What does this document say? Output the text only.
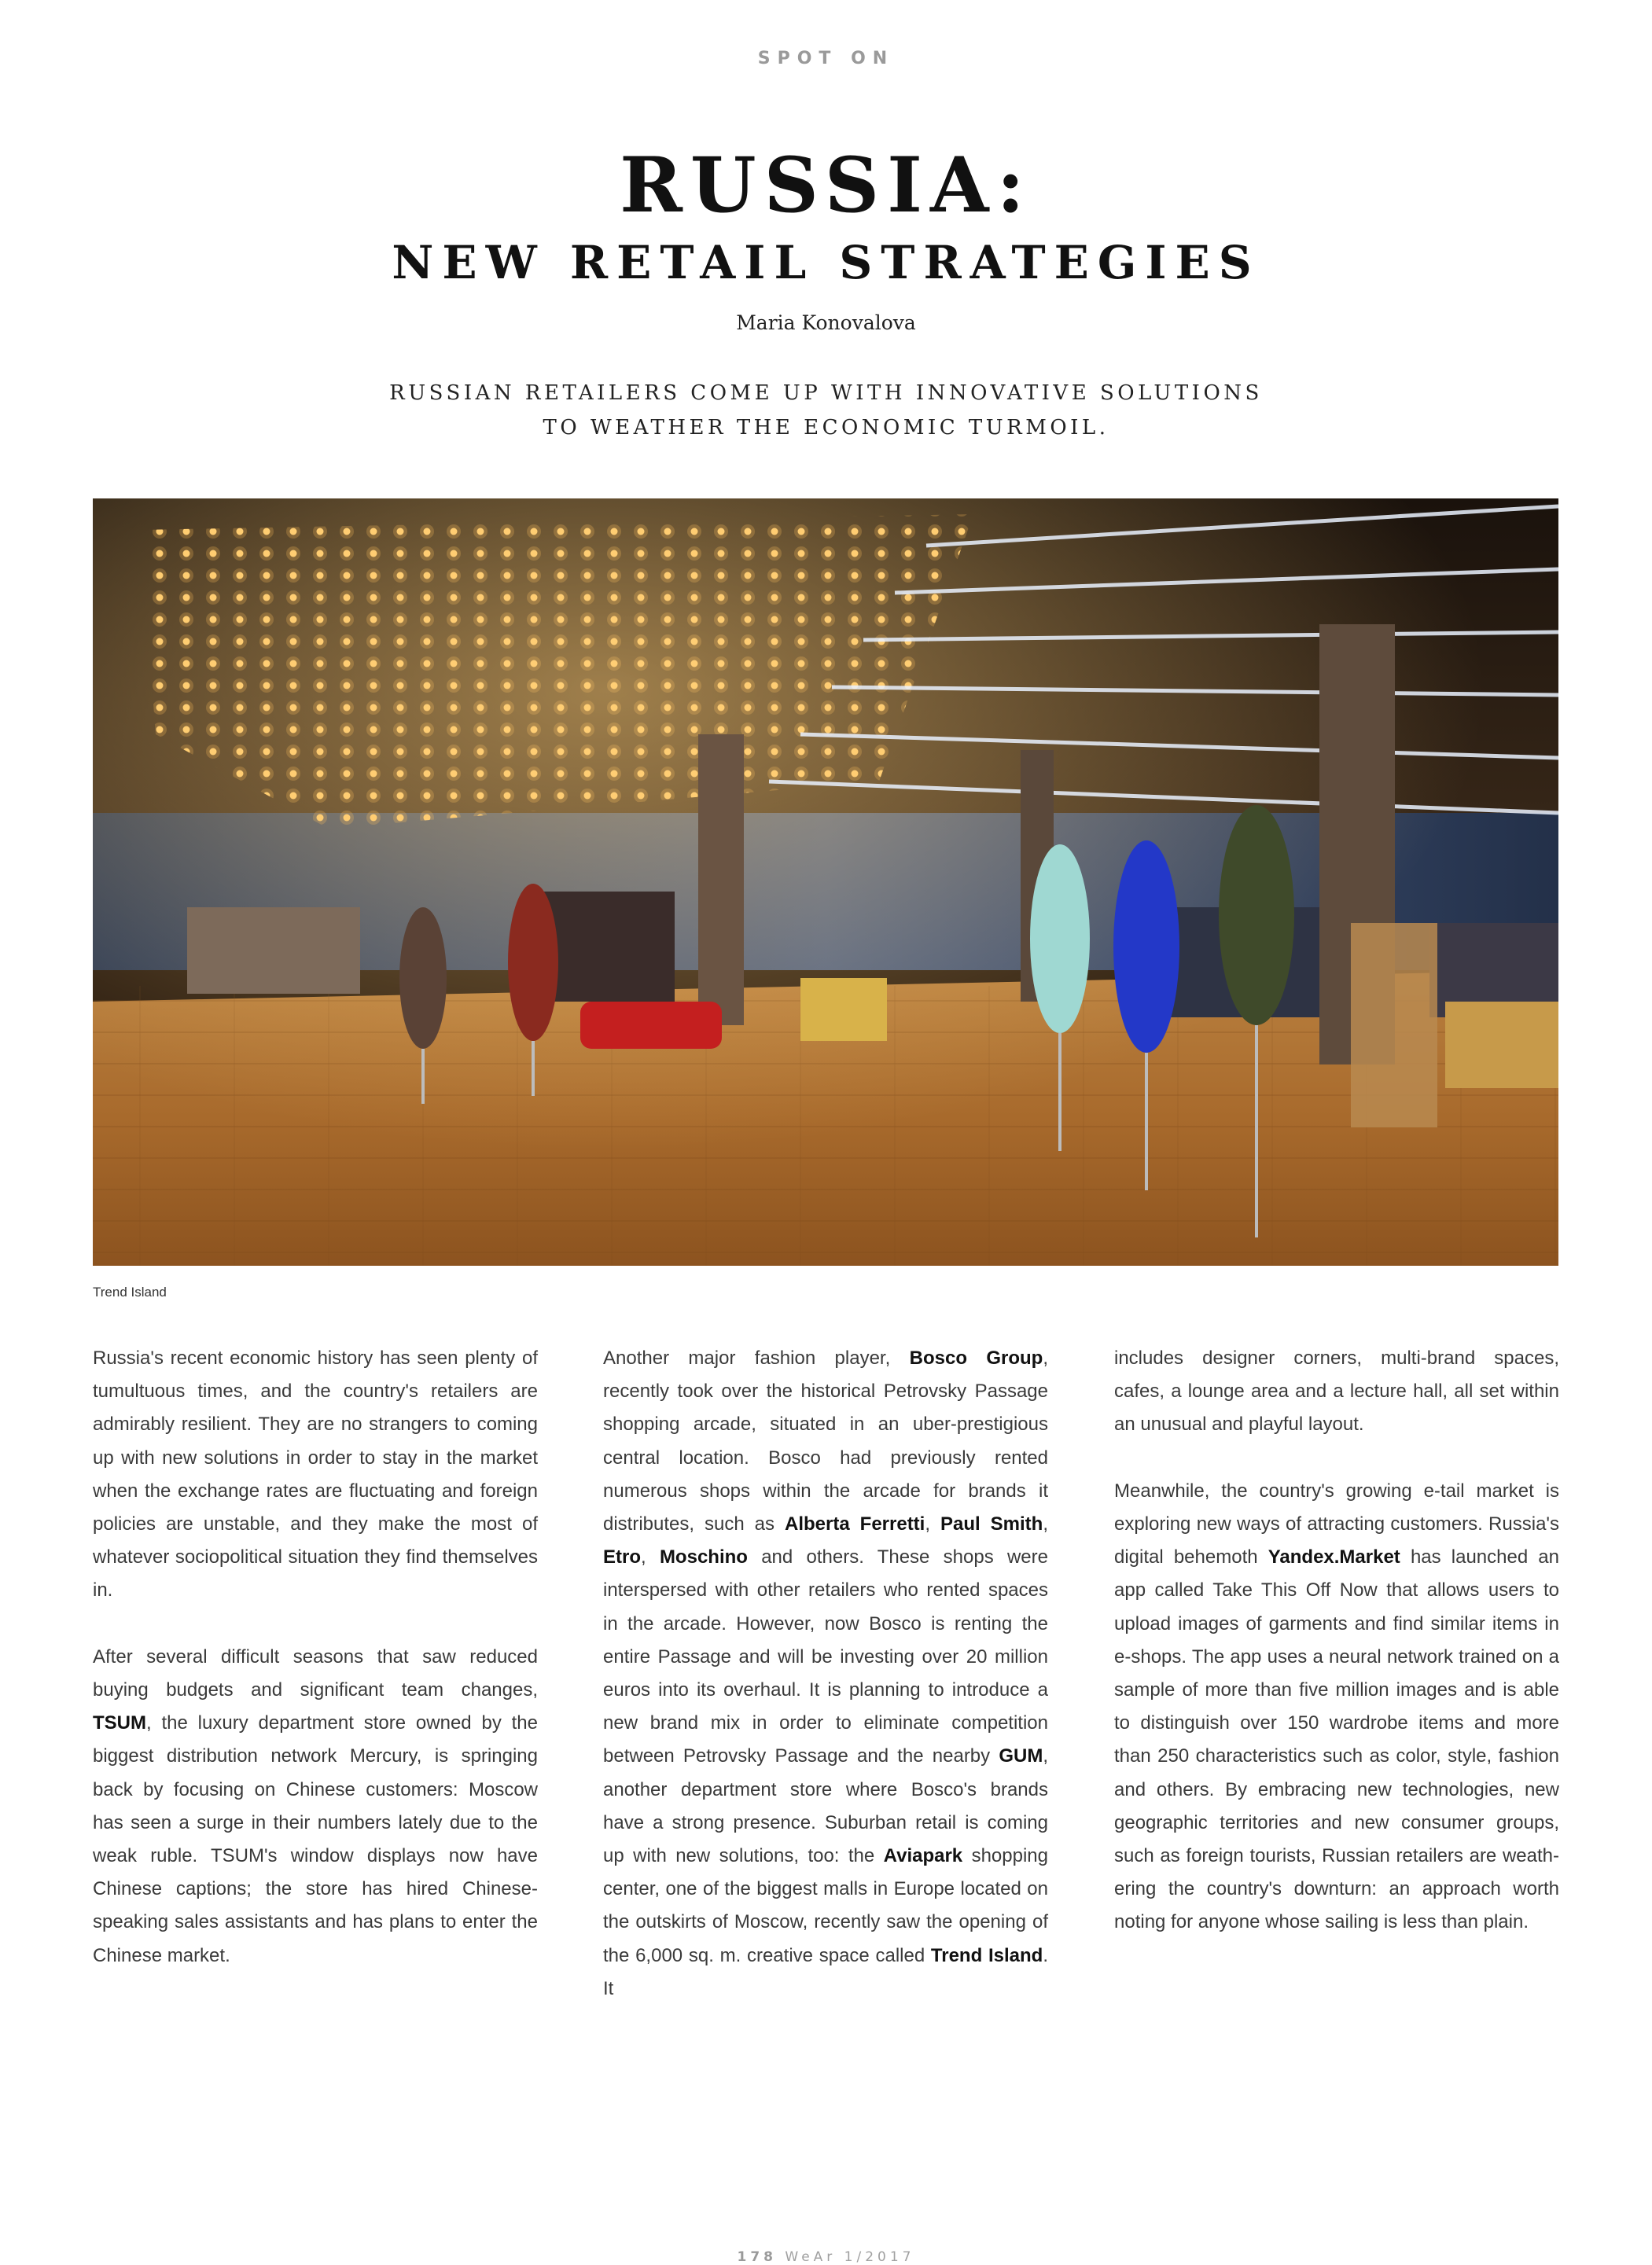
SPOT ON
RUSSIA:
NEW RETAIL STRATEGIES
Maria Konovalova
RUSSIAN RETAILERS COME UP WITH INNOVATIVE SOLUTIONS
TO WEATHER THE ECONOMIC TURMOIL.
Trend Island

Russia's recent economic history has seen plenty of tumultuous times, and the country's retailers are admirably resilient. They are no strangers to coming up with new solutions in order to stay in the market when the exchange rates are fluctuating and foreign policies are unstable, and they make the most of whatever sociopolitical situation they find themselves in.

After several difficult seasons that saw reduced buying budgets and significant team changes, TSUM, the luxury department store owned by the biggest distribution network Mercury, is springing back by focusing on Chinese customers: Moscow has seen a surge in their numbers lately due to the weak ruble. TSUM's window displays now have Chinese captions; the store has hired Chinese-speaking sales assistants and has plans to enter the Chinese market.

Another major fashion player, Bosco Group, recently took over the historical Petrovsky Passage shopping arcade, situated in an uber-prestigious central location. Bosco had previously rented numerous shops within the arcade for brands it distributes, such as Alberta Ferretti, Paul Smith, Etro, Moschino and others. These shops were interspersed with other retailers who rented spaces in the arcade. However, now Bosco is renting the entire Passage and will be investing over 20 million euros into its overhaul. It is planning to introduce a new brand mix in order to eliminate competition between Petrovsky Passage and the nearby GUM, another department store where Bosco's brands have a strong presence. Suburban retail is coming up with new solutions, too: the Aviapark shopping center, one of the biggest malls in Europe located on the outskirts of Moscow, recently saw the opening of the 6,000 sq. m. creative space called Trend Island. It

includes designer corners, multi-brand spaces, cafes, a lounge area and a lecture hall, all set within an unusual and playful layout.

Meanwhile, the country's growing e-tail market is exploring new ways of attracting customers. Russia's digital behemoth Yandex.Market has launched an app called Take This Off Now that allows users to upload images of garments and find similar items in e-shops. The app uses a neural network trained on a sample of more than five million images and is able to distinguish over 150 wardrobe items and more than 250 characteristics such as color, style, fashion and others. By embracing new technologies, new geographic territories and new consumer groups, such as foreign tourists, Russian retailers are weathering the country's downturn: an approach worth noting for anyone whose sailing is less than plain.

178 WeAr 1/2017
